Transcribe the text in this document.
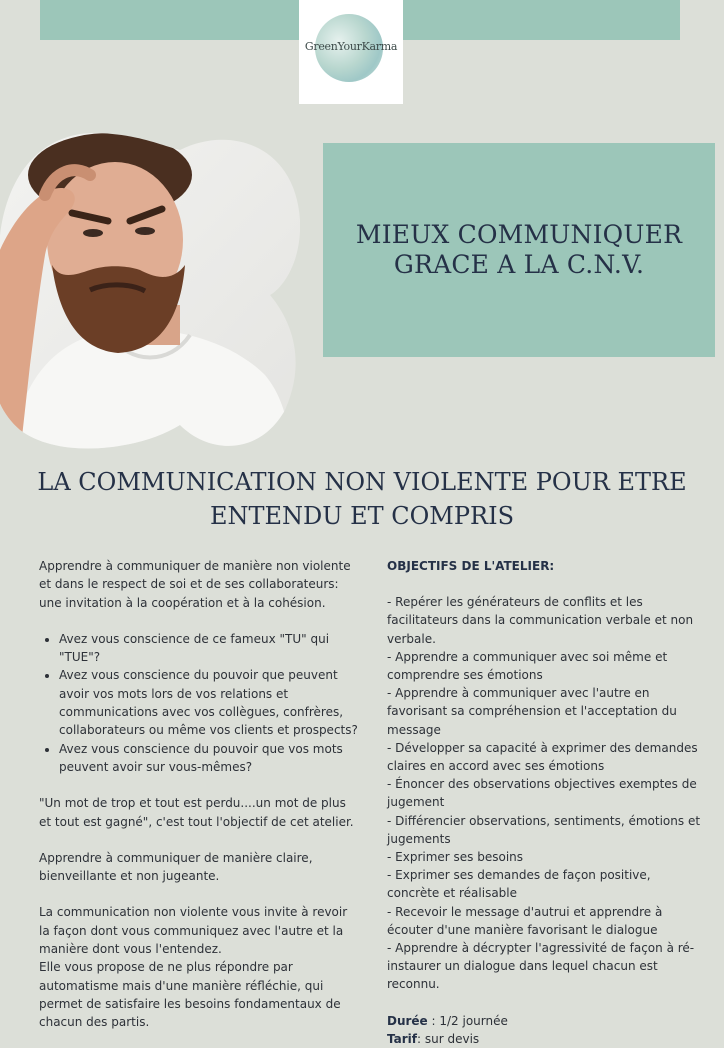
GreenYourKarma
MIEUX COMMUNIQUER
GRACE A LA C.N.V.
LA COMMUNICATION NON VIOLENTE POUR ETRE
ENTENDU ET COMPRIS

Apprendre à communiquer de manière non violente et dans le respect de soi et de ses collaborateurs: une invitation à la coopération et à la cohésion.

• Avez vous conscience de ce fameux "TU" qui "TUE"?
• Avez vous conscience du pouvoir que peuvent avoir vos mots lors de vos relations et communications avec vos collègues, confrères, collaborateurs ou même vos clients et prospects?
• Avez vous conscience du pouvoir que vos mots peuvent avoir sur vous-mêmes?

"Un mot de trop et tout est perdu....un mot de plus et tout est gagné", c'est tout l'objectif de cet atelier.

Apprendre à communiquer de manière claire, bienveillante et non jugeante.

La communication non violente vous invite à revoir la façon dont vous communiquez avec l'autre et la manière dont vous l'entendez.

Elle vous propose de ne plus répondre par automatisme mais d'une manière réfléchie, qui permet de satisfaire les besoins fondamentaux de chacun des partis.

OBJECTIFS DE L'ATELIER:

- Repérer les générateurs de conflits et les facilitateurs dans la communication verbale et non verbale.

- Apprendre a communiquer avec soi même et comprendre ses émotions

- Apprendre à communiquer avec l'autre en favorisant sa compréhension et l'acceptation du message

- Développer sa capacité à exprimer des demandes claires en accord avec ses émotions

- Énoncer des observations objectives exemptes de jugement

- Différencier observations, sentiments, émotions et jugements

- Exprimer ses besoins

- Exprimer ses demandes de façon positive, concrète et réalisable

- Recevoir le message d'autrui et apprendre à écouter d'une manière favorisant le dialogue

- Apprendre à décrypter l'agressivité de façon à ré-instaurer un dialogue dans lequel chacun est reconnu.

Durée : 1/2 journée

Tarif: sur devis
